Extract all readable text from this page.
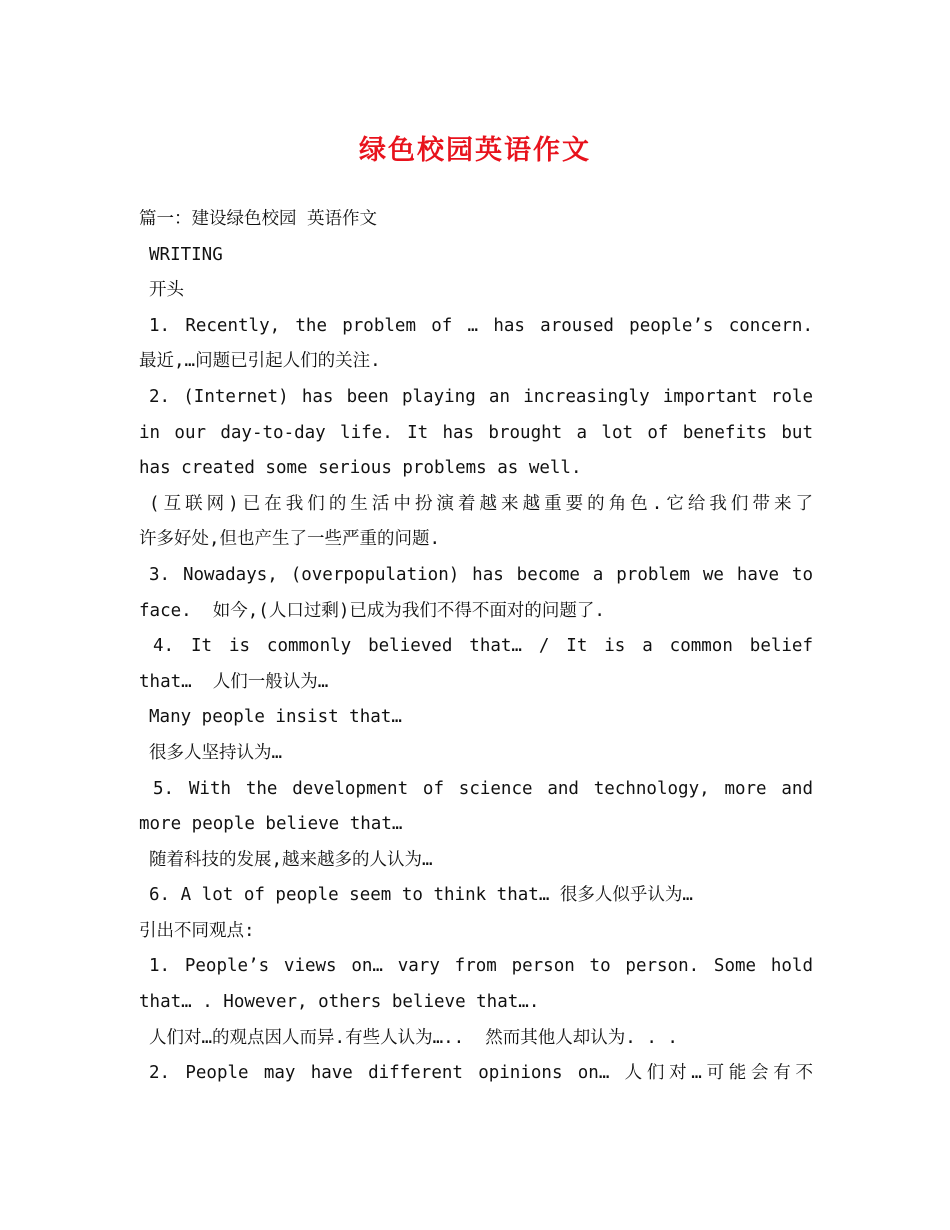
绿色校园英语作文
篇一：建设绿色校园 英语作文
WRITING
开头
1. Recently, the problem of … has aroused people’s concern.
最近,…问题已引起人们的关注.
2. (Internet) has been playing an increasingly important role
in our day-to-day life. It has brought a lot of benefits but
has created some serious problems as well.
(互联网)已在我们的生活中扮演着越来越重要的角色.它给我们带来了
许多好处,但也产生了一些严重的问题.
3. Nowadays, (overpopulation) has become a problem we have to
face.  如今,(人口过剩)已成为我们不得不面对的问题了.
4. It is commonly believed that… / It is a common belief
that…  人们一般认为…
Many people insist that…
很多人坚持认为…
5. With the development of science and technology, more and
more people believe that…
随着科技的发展,越来越多的人认为…
6. A lot of people seem to think that… 很多人似乎认为…
引出不同观点:
1. People’s views on… vary from person to person. Some hold
that… . However, others believe that….
人们对…的观点因人而异.有些人认为…..  然而其他人却认为. . .
2. People may have different opinions on… 人们对…可能会有不
